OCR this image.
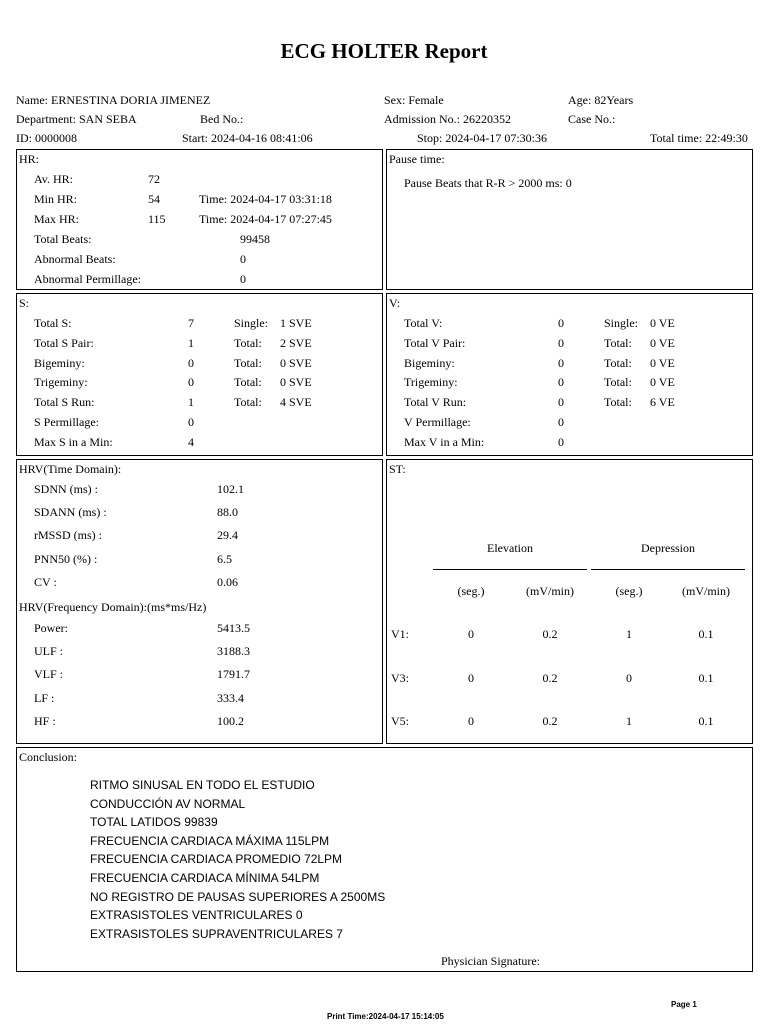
ECG HOLTER Report
Name: ERNESTINA DORIA JIMENEZ	Sex: Female	Age: 82Years
Department: SAN SEBA	Bed No.:	Admission No.: 26220352	Case No.:
ID: 0000008	Start: 2024-04-16 08:41:06	Stop: 2024-04-17 07:30:36	Total time: 22:49:30
HR:
Av. HR:	72
Min HR:	54	Time: 2024-04-17 03:31:18
Max HR:	115	Time: 2024-04-17 07:27:45
Total Beats:	99458
Abnormal Beats:	0
Abnormal Permillage:	0
Pause time:
Pause Beats that R-R > 2000 ms: 0
S:
Total S:	7	Single: 1 SVE
Total S Pair:	1	Total: 2 SVE
Bigeminy:	0	Total: 0 SVE
Trigeminy:	0	Total: 0 SVE
Total S Run:	1	Total: 4 SVE
S Permillage:	0
Max S in a Min:	4
V:
Total V:	0	Single: 0 VE
Total V Pair:	0	Total: 0 VE
Bigeminy:	0	Total: 0 VE
Trigeminy:	0	Total: 0 VE
Total V Run:	0	Total: 6 VE
V Permillage:	0
Max V in a Min:	0
HRV(Time Domain):
SDNN (ms) :	102.1
SDANN (ms) :	88.0
rMSSD (ms) :	29.4
PNN50 (%) :	6.5
CV :	0.06
HRV(Frequency Domain):(ms*ms/Hz)
Power:	5413.5
ULF :	3188.3
VLF :	1791.7
LF :	333.4
HF :	100.2
ST:
Elevation	Depression
(seg.)	(mV/min)	(seg.)	(mV/min)
V1:	0	0.2	1	0.1
V3:	0	0.2	0	0.1
V5:	0	0.2	1	0.1
Conclusion:
RITMO SINUSAL EN TODO EL ESTUDIO
CONDUCCIÓN AV NORMAL
TOTAL LATIDOS 99839
FRECUENCIA CARDIACA MÁXIMA 115LPM
FRECUENCIA CARDIACA PROMEDIO 72LPM
FRECUENCIA CARDIACA MÍNIMA 54LPM
NO REGISTRO DE PAUSAS SUPERIORES A 2500MS
EXTRASISTOLES VENTRICULARES 0
EXTRASISTOLES SUPRAVENTRICULARES 7
Physician Signature:
Page 1
Print Time:2024-04-17 15:14:05
